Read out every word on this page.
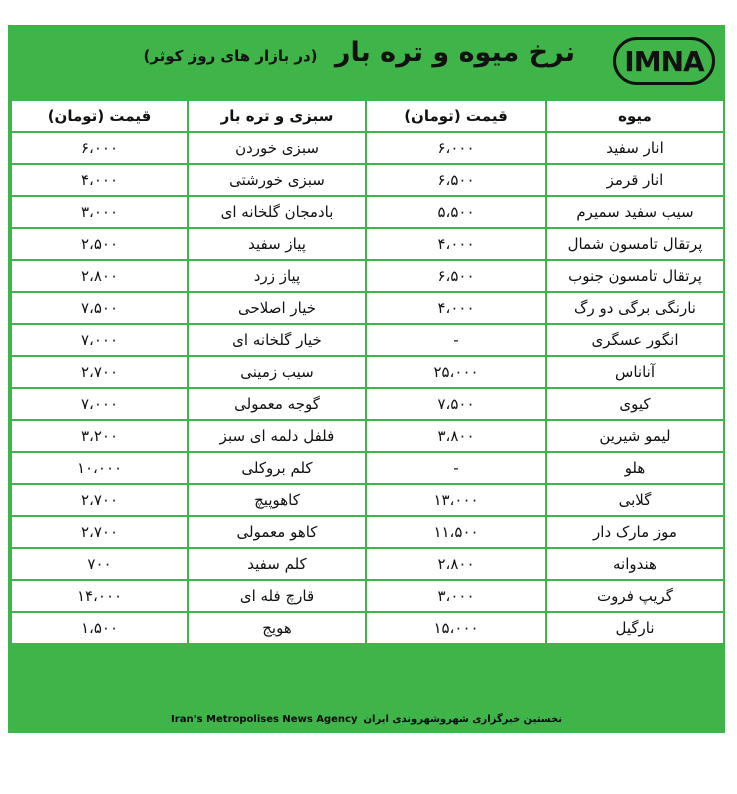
نرخ میوه و تره بار (در بازار های روز کوثر)	IMNA
میوه	قیمت (تومان)	سبزی و تره بار	قیمت (تومان)
انار سفید	۶،۰۰۰	سبزی خوردن	۶،۰۰۰
انار قرمز	۶،۵۰۰	سبزی خورشتی	۴،۰۰۰
سیب سفید سمیرم	۵،۵۰۰	بادمجان گلخانه ای	۳،۰۰۰
پرتقال تامسون شمال	۴،۰۰۰	پیاز سفید	۲،۵۰۰
پرتقال تامسون جنوب	۶،۵۰۰	پیاز زرد	۲،۸۰۰
نارنگی برگی دو رگ	۴،۰۰۰	خیار اصلاحی	۷،۵۰۰
انگور عسگری	-	خیار گلخانه ای	۷،۰۰۰
آناناس	۲۵،۰۰۰	سیب زمینی	۲،۷۰۰
کیوی	۷،۵۰۰	گوجه معمولی	۷،۰۰۰
لیمو شیرین	۳،۸۰۰	فلفل دلمه ای سبز	۳،۲۰۰
هلو	-	کلم بروکلی	۱۰،۰۰۰
گلابی	۱۳،۰۰۰	کاهوپیچ	۲،۷۰۰
موز مارک دار	۱۱،۵۰۰	کاهو معمولی	۲،۷۰۰
هندوانه	۲،۸۰۰	کلم سفید	۷۰۰
گریپ فروت	۳،۰۰۰	قارچ فله ای	۱۴،۰۰۰
نارگیل	۱۵،۰۰۰	هویج	۱،۵۰۰
Iran's Metropolises News Agency نخستین خبرگزاری شهروشهروندی ایران
